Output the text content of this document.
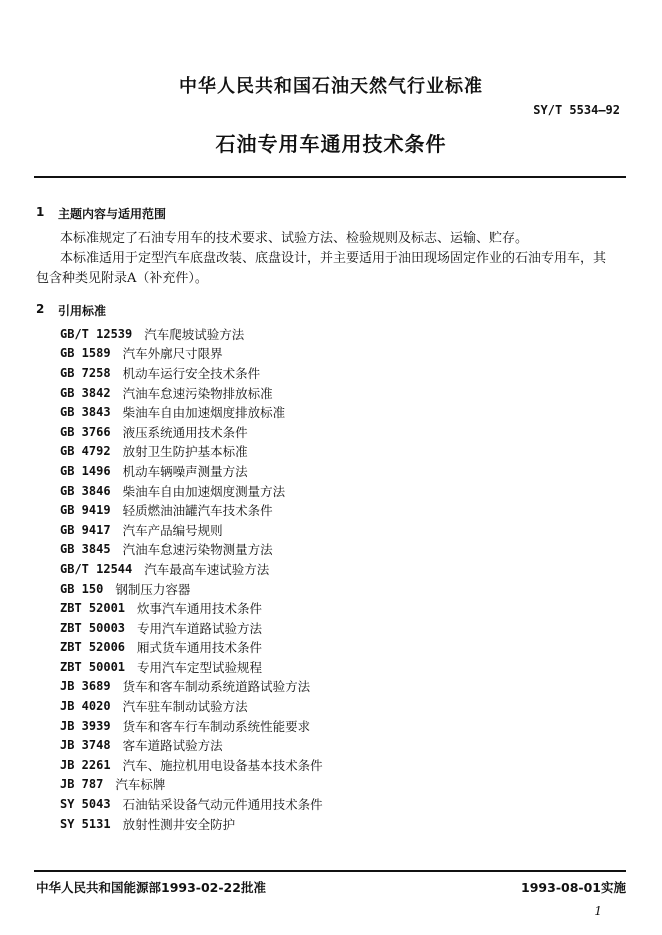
中华人民共和国石油天然气行业标准
SY/T 5534—92
石油专用车通用技术条件
1 主题内容与适用范围
本标准规定了石油专用车的技术要求、试验方法、检验规则及标志、运输、贮存。
本标准适用于定型汽车底盘改装、底盘设计，并主要适用于油田现场固定作业的石油专用车，其
包含种类见附录A（补充件）。
2 引用标准
GB/T 12539 汽车爬坡试验方法
GB 1589 汽车外廓尺寸限界
GB 7258 机动车运行安全技术条件
GB 3842 汽油车怠速污染物排放标准
GB 3843 柴油车自由加速烟度排放标准
GB 3766 液压系统通用技术条件
GB 4792 放射卫生防护基本标准
GB 1496 机动车辆噪声测量方法
GB 3846 柴油车自由加速烟度测量方法
GB 9419 轻质燃油油罐汽车技术条件
GB 9417 汽车产品编号规则
GB 3845 汽油车怠速污染物测量方法
GB/T 12544 汽车最高车速试验方法
GB 150 钢制压力容器
ZBT 52001 炊事汽车通用技术条件
ZBT 50003 专用汽车道路试验方法
ZBT 52006 厢式货车通用技术条件
ZBT 50001 专用汽车定型试验规程
JB 3689 货车和客车制动系统道路试验方法
JB 4020 汽车驻车制动试验方法
JB 3939 货车和客车行车制动系统性能要求
JB 3748 客车道路试验方法
JB 2261 汽车、施拉机用电设备基本技术条件
JB 787 汽车标牌
SY 5043 石油钻采设备气动元件通用技术条件
SY 5131 放射性测井安全防护
中华人民共和国能源部1993-02-22批准	1993-08-01实施
1
